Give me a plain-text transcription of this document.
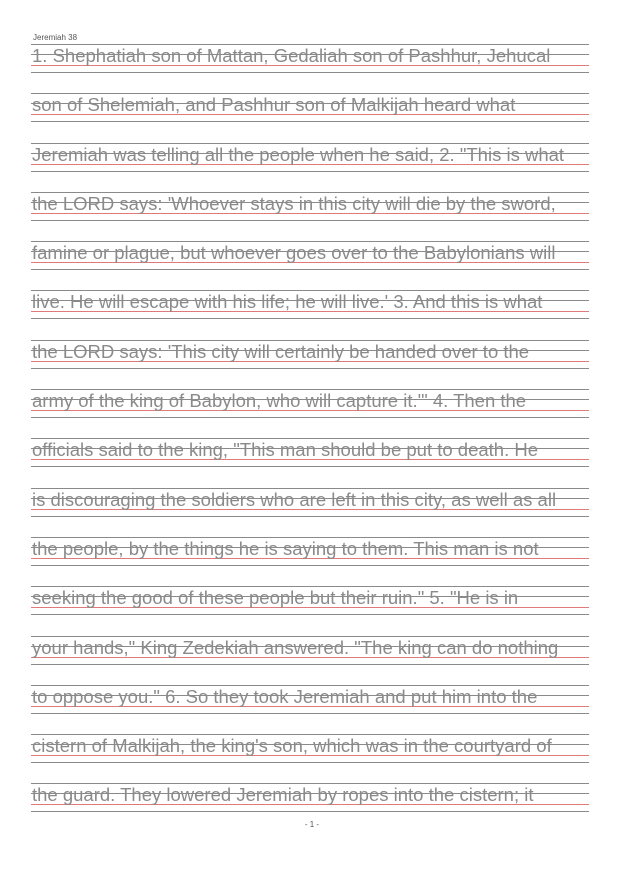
Jeremiah 38
1. Shephatiah son of Mattan, Gedaliah son of Pashhur, Jehucal
son of Shelemiah, and Pashhur son of Malkijah heard what
Jeremiah was telling all the people when he said, 2. "This is what
the LORD says: 'Whoever stays in this city will die by the sword,
famine or plague, but whoever goes over to the Babylonians will
live. He will escape with his life; he will live.' 3. And this is what
the LORD says: 'This city will certainly be handed over to the
army of the king of Babylon, who will capture it.'" 4. Then the
officials said to the king, "This man should be put to death. He
is discouraging the soldiers who are left in this city, as well as all
the people, by the things he is saying to them. This man is not
seeking the good of these people but their ruin." 5. "He is in
your hands," King Zedekiah answered. "The king can do nothing
to oppose you." 6. So they took Jeremiah and put him into the
cistern of Malkijah, the king's son, which was in the courtyard of
the guard. They lowered Jeremiah by ropes into the cistern; it
- 1 -
